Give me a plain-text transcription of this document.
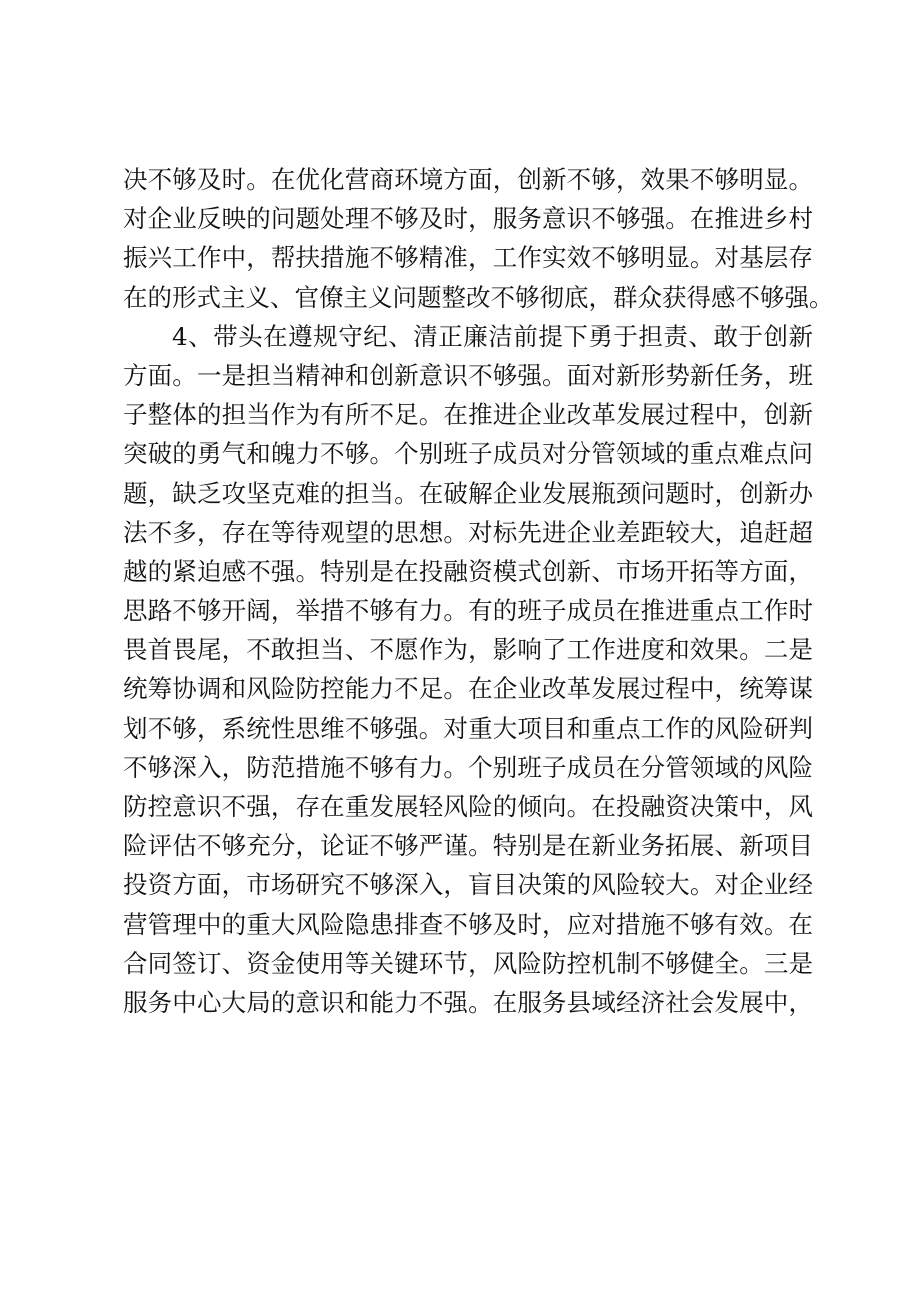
决不够及时。在优化营商环境方面，创新不够，效果不够明显。
对企业反映的问题处理不够及时，服务意识不够强。在推进乡村
振兴工作中，帮扶措施不够精准，工作实效不够明显。对基层存
在的形式主义、官僚主义问题整改不够彻底，群众获得感不够强。
4、带头在遵规守纪、清正廉洁前提下勇于担责、敢于创新
方面。一是担当精神和创新意识不够强。面对新形势新任务，班
子整体的担当作为有所不足。在推进企业改革发展过程中，创新
突破的勇气和魄力不够。个别班子成员对分管领域的重点难点问
题，缺乏攻坚克难的担当。在破解企业发展瓶颈问题时，创新办
法不多，存在等待观望的思想。对标先进企业差距较大，追赶超
越的紧迫感不强。特别是在投融资模式创新、市场开拓等方面，
思路不够开阔，举措不够有力。有的班子成员在推进重点工作时
畏首畏尾，不敢担当、不愿作为，影响了工作进度和效果。二是
统筹协调和风险防控能力不足。在企业改革发展过程中，统筹谋
划不够，系统性思维不够强。对重大项目和重点工作的风险研判
不够深入，防范措施不够有力。个别班子成员在分管领域的风险
防控意识不强，存在重发展轻风险的倾向。在投融资决策中，风
险评估不够充分，论证不够严谨。特别是在新业务拓展、新项目
投资方面，市场研究不够深入，盲目决策的风险较大。对企业经
营管理中的重大风险隐患排查不够及时，应对措施不够有效。在
合同签订、资金使用等关键环节，风险防控机制不够健全。三是
服务中心大局的意识和能力不强。在服务县域经济社会发展中，
